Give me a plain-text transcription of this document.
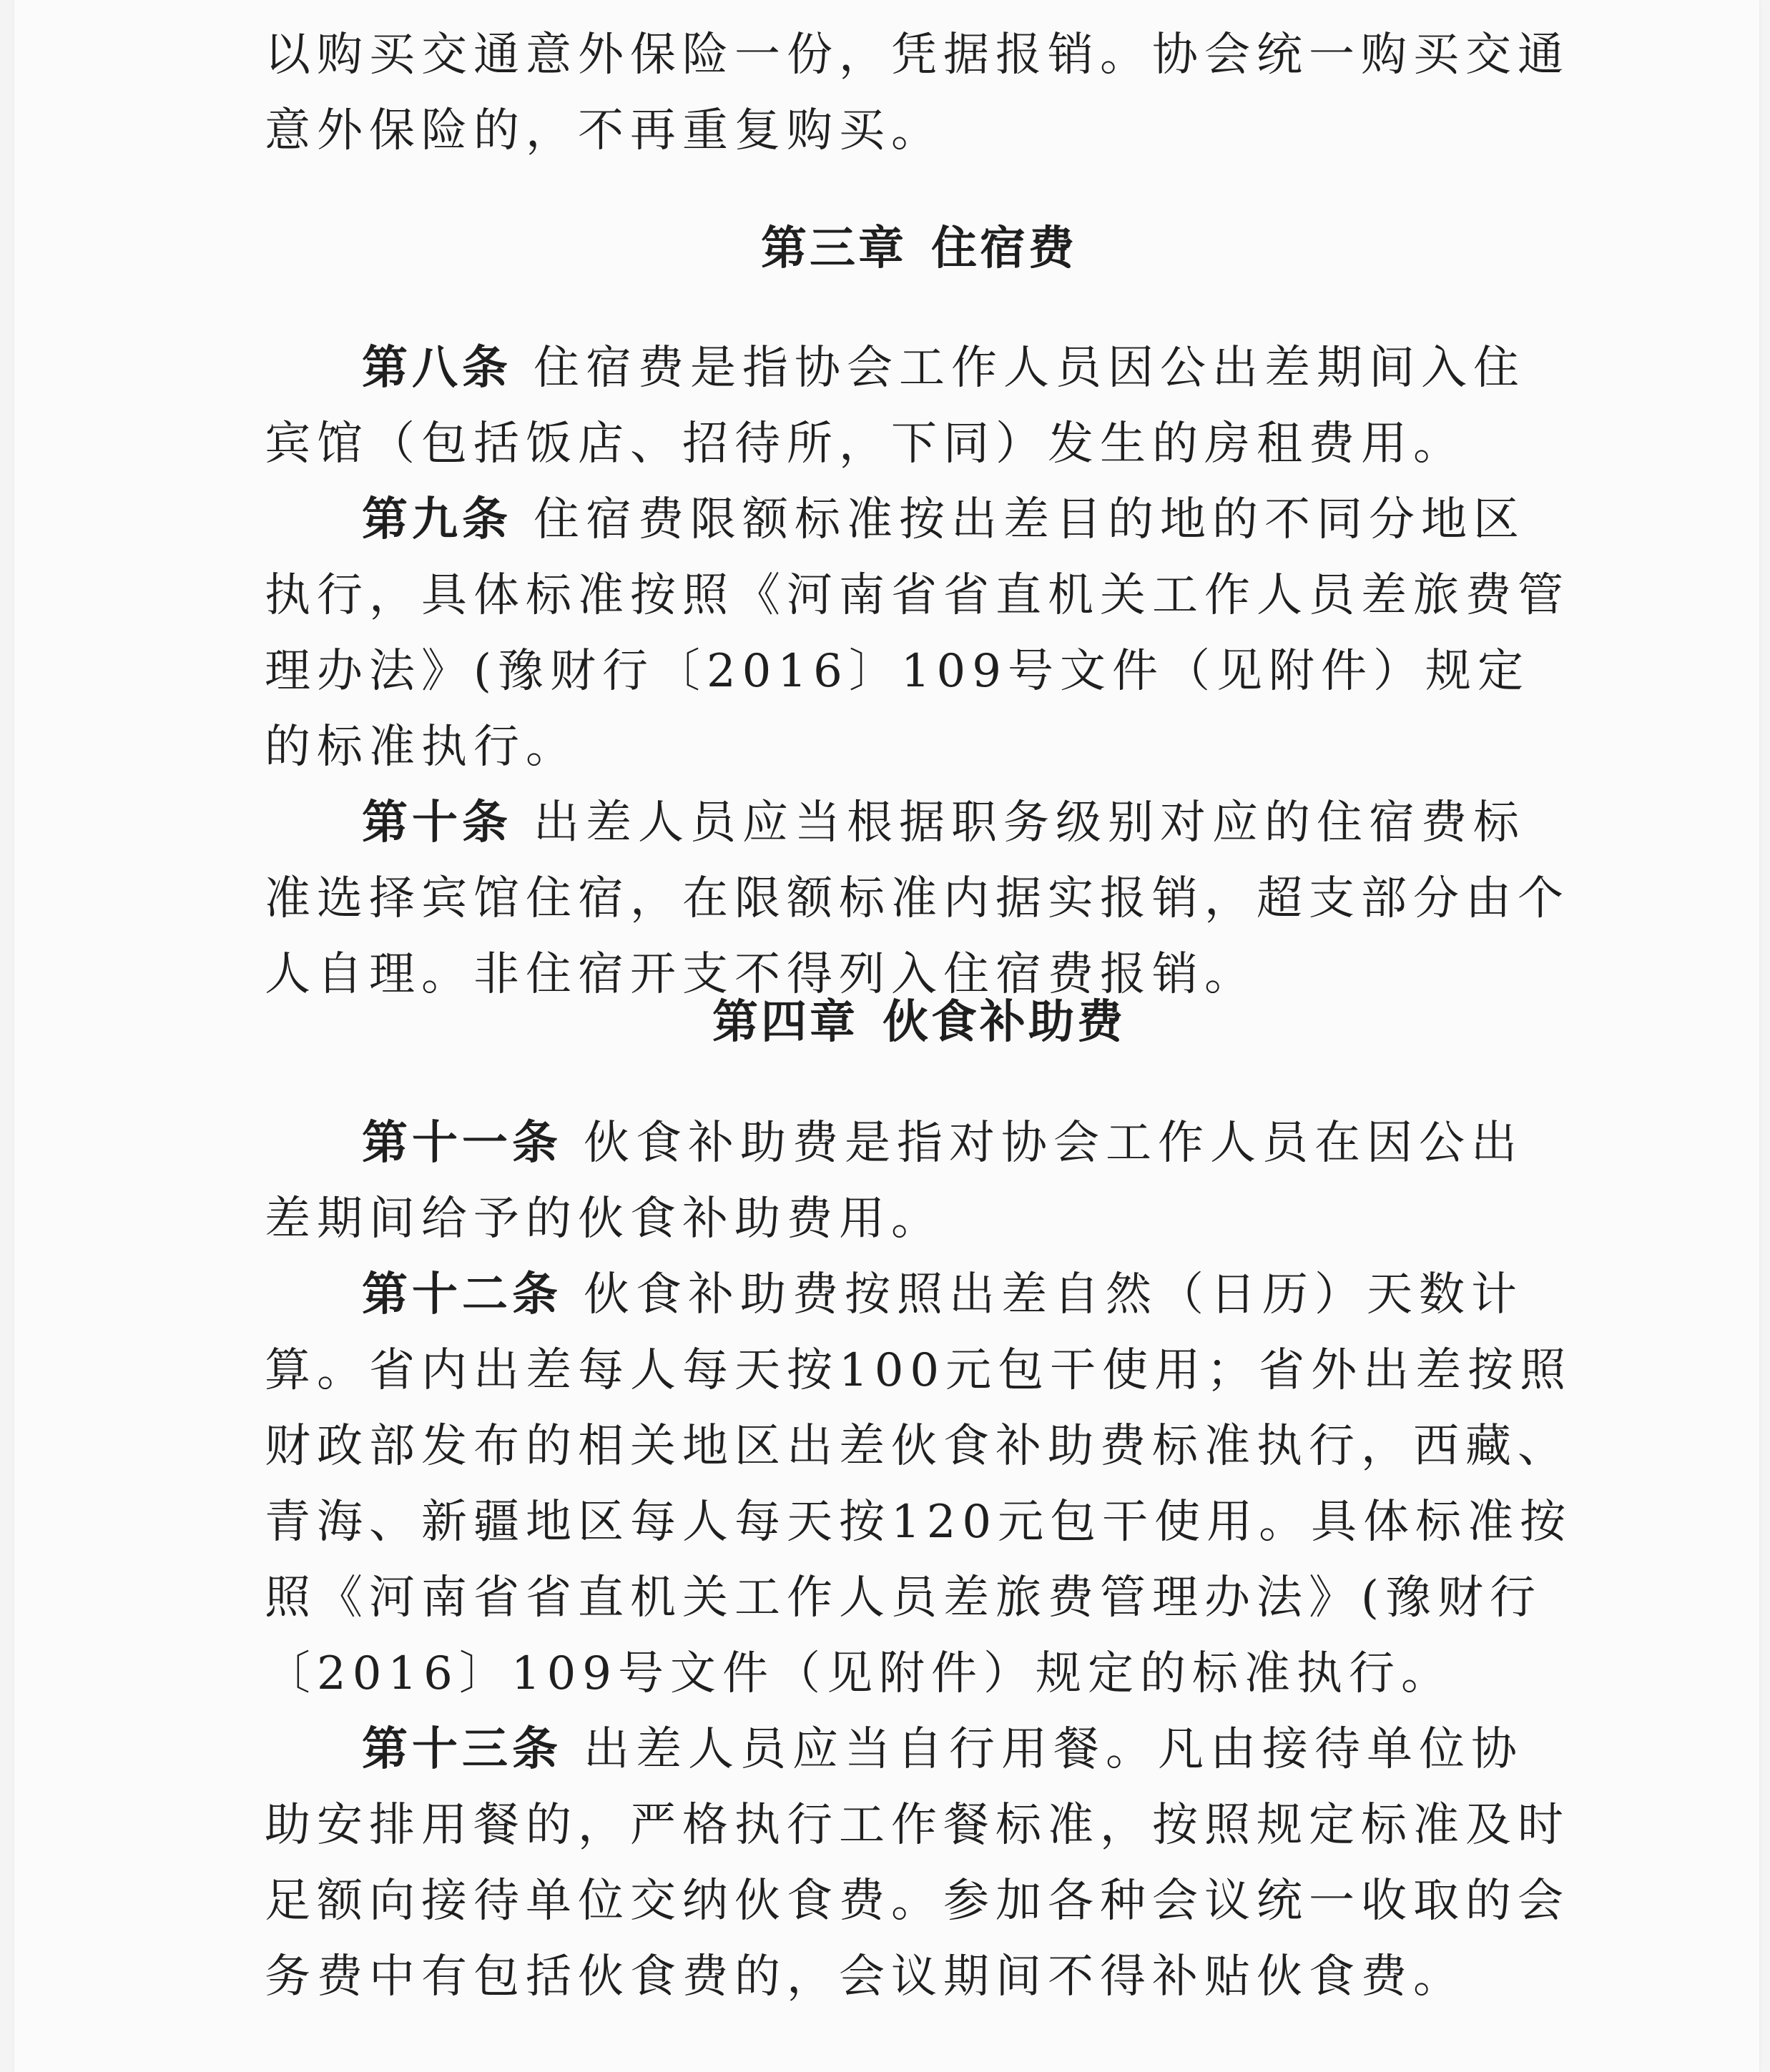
以购买交通意外保险一份，凭据报销。协会统一购买交通意外保险的，不再重复购买。

第三章 住宿费

第八条 住宿费是指协会工作人员因公出差期间入住宾馆（包括饭店、招待所，下同）发生的房租费用。

第九条 住宿费限额标准按出差目的地的不同分地区执行，具体标准按照《河南省省直机关工作人员差旅费管理办法》(豫财行〔2016〕109号文件（见附件）规定的标准执行。

第十条 出差人员应当根据职务级别对应的住宿费标准选择宾馆住宿，在限额标准内据实报销，超支部分由个人自理。非住宿开支不得列入住宿费报销。

第四章 伙食补助费

第十一条 伙食补助费是指对协会工作人员在因公出差期间给予的伙食补助费用。

第十二条 伙食补助费按照出差自然（日历）天数计算。省内出差每人每天按100元包干使用；省外出差按照财政部发布的相关地区出差伙食补助费标准执行，西藏、青海、新疆地区每人每天按120元包干使用。具体标准按照《河南省省直机关工作人员差旅费管理办法》(豫财行〔2016〕109号文件（见附件）规定的标准执行。

第十三条 出差人员应当自行用餐。凡由接待单位协助安排用餐的，严格执行工作餐标准，按照规定标准及时足额向接待单位交纳伙食费。参加各种会议统一收取的会务费中有包括伙食费的，会议期间不得补贴伙食费。
